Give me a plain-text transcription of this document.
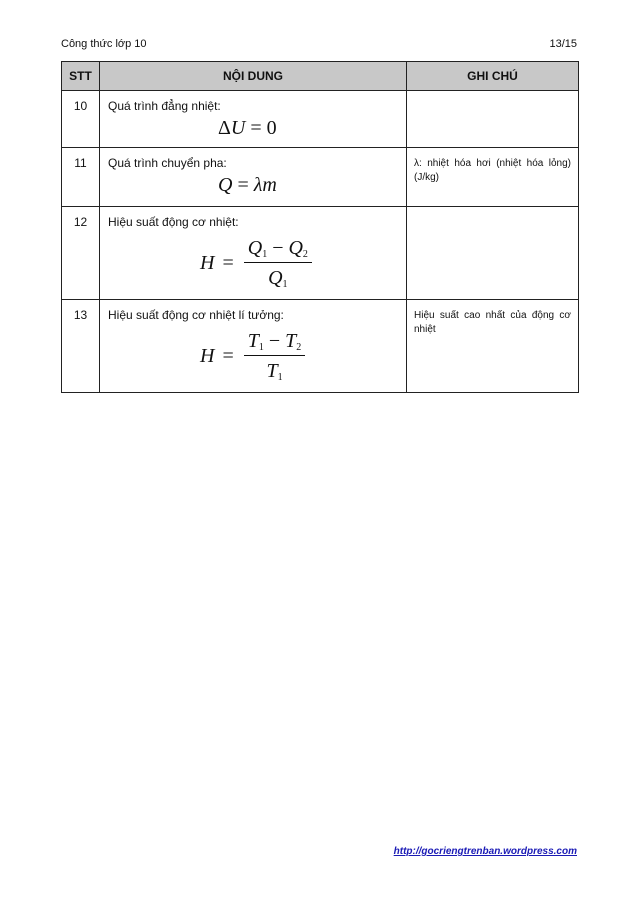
Công thức lớp 10	13/15
STT	NỘI DUNG	GHI CHÚ
10	Quá trình đẳng nhiệt:
ΔU = 0	

11	Quá trình chuyển pha:
Q = λm	λ: nhiệt hóa hơi (nhiệt hóa lỏng) (J/kg)
12	Hiệu suất động cơ nhiệt:
$H = \frac{Q_1 - Q_2}{Q_1}$

13	Hiệu suất động cơ nhiệt lí tưởng:
$H = \frac{T_1 - T_2}{T_1}$	Hiệu suất cao nhất của động cơ nhiệt
http://gocriengtrenban.wordpress.com
